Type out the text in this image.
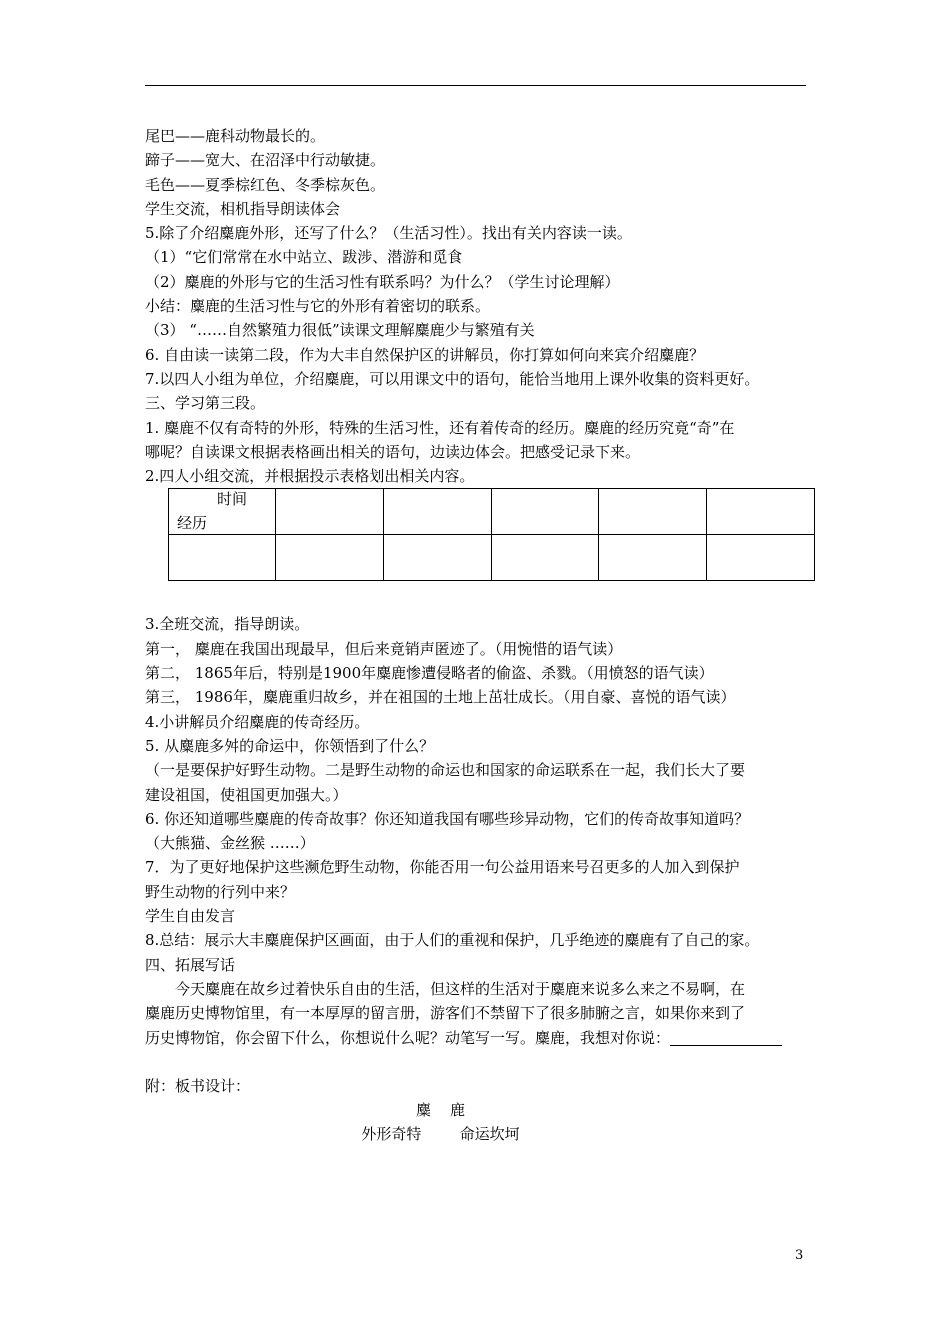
尾巴——鹿科动物最长的。
蹄子——宽大、在沼泽中行动敏捷。
毛色——夏季棕红色、冬季棕灰色。
学生交流，相机指导朗读体会
5.除了介绍麋鹿外形，还写了什么？（生活习性）。找出有关内容读一读。
（1）“它们常常在水中站立、跋涉、潜游和觅食
（2）麋鹿的外形与它的生活习性有联系吗？为什么？（学生讨论理解）
小结：麋鹿的生活习性与它的外形有着密切的联系。
（3） “……自然繁殖力很低”读课文理解麋鹿少与繁殖有关
6. 自由读一读第二段，作为大丰自然保护区的讲解员，你打算如何向来宾介绍麋鹿？
7.以四人小组为单位，介绍麋鹿，可以用课文中的语句，能恰当地用上课外收集的资料更好。
三、学习第三段。
1. 麋鹿不仅有奇特的外形，特殊的生活习性，还有着传奇的经历。麋鹿的经历究竟“奇”在
哪呢？自读课文根据表格画出相关的语句，边读边体会。把感受记录下来。
2.四人小组交流，并根据投示表格划出相关内容。
时间
经历					

3.全班交流，指导朗读。
第一， 麋鹿在我国出现最早，但后来竟销声匿迹了。（用惋惜的语气读）
第二， 1865年后，特别是1900年麋鹿惨遭侵略者的偷盗、杀戮。（用愤怒的语气读）
第三， 1986年，麋鹿重归故乡，并在祖国的土地上茁壮成长。（用自豪、喜悦的语气读）
4.小讲解员介绍麋鹿的传奇经历。
5. 从麋鹿多舛的命运中，你领悟到了什么？
（一是要保护好野生动物。二是野生动物的命运也和国家的命运联系在一起，我们长大了要
建设祖国，使祖国更加强大。）
6. 你还知道哪些麋鹿的传奇故事？你还知道我国有哪些珍异动物，它们的传奇故事知道吗？
（大熊猫、金丝猴 ……）
7．为了更好地保护这些濒危野生动物，你能否用一句公益用语来号召更多的人加入到保护
野生动物的行列中来？
学生自由发言
8.总结：展示大丰麋鹿保护区画面，由于人们的重视和保护，几乎绝迹的麋鹿有了自己的家。
四、拓展写话
今天麋鹿在故乡过着快乐自由的生活，但这样的生活对于麋鹿来说多么来之不易啊，在
麋鹿历史博物馆里，有一本厚厚的留言册，游客们不禁留下了很多肺腑之言，如果你来到了
历史博物馆，你会留下什么，你想说什么呢？动笔写一写。麋鹿，我想对你说：
附：板书设计：
麋    鹿
外形奇特        命运坎坷
3
